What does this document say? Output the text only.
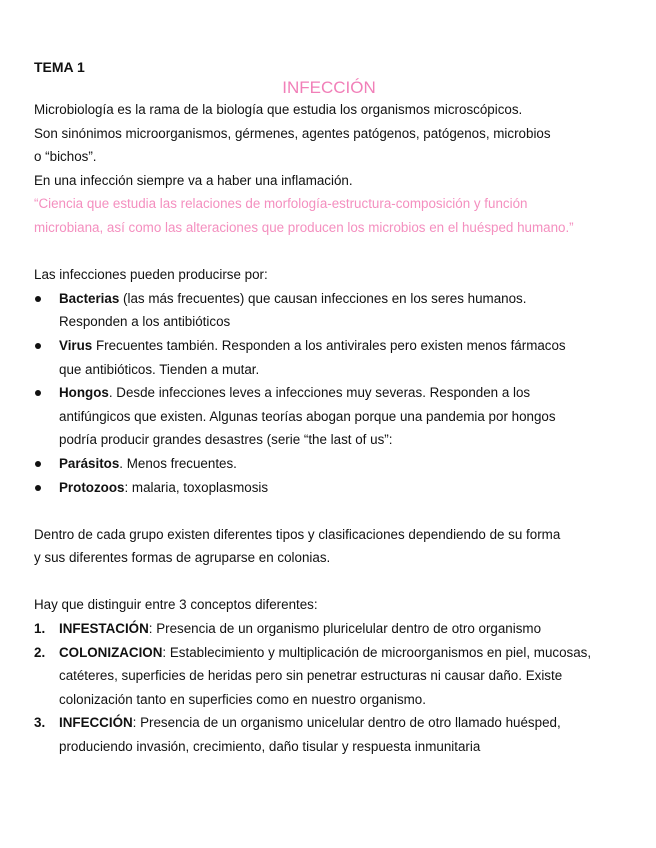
TEMA 1
INFECCIÓN
Microbiología es la rama de la biología que estudia los organismos microscópicos.
Son sinónimos microorganismos, gérmenes, agentes patógenos, patógenos, microbios
o “bichos”.
En una infección siempre va a haber una inflamación.
“Ciencia que estudia las relaciones de morfología-estructura-composición y función
microbiana, así como las alteraciones que producen los microbios en el huésped humano.”
Las infecciones pueden producirse por:
Bacterias (las más frecuentes) que causan infecciones en los seres humanos.
Responden a los antibióticos
Virus Frecuentes también. Responden a los antivirales pero existen menos fármacos
que antibióticos. Tienden a mutar.
Hongos. Desde infecciones leves a infecciones muy severas. Responden a los
antifúngicos que existen. Algunas teorías abogan porque una pandemia por hongos
podría producir grandes desastres (serie “the last of us”:
Parásitos. Menos frecuentes.
Protozoos: malaria, toxoplasmosis
Dentro de cada grupo existen diferentes tipos y clasificaciones dependiendo de su forma
y sus diferentes formas de agruparse en colonias.
Hay que distinguir entre 3 conceptos diferentes:
1.	INFESTACIÓN: Presencia de un organismo pluricelular dentro de otro organismo
2.	COLONIZACION: Establecimiento y multiplicación de microorganismos en piel, mucosas,
catéteres, superficies de heridas pero sin penetrar estructuras ni causar daño. Existe
colonización tanto en superficies como en nuestro organismo.
3.	INFECCIÓN: Presencia de un organismo unicelular dentro de otro llamado huésped,
produciendo invasión, crecimiento, daño tisular y respuesta inmunitaria
